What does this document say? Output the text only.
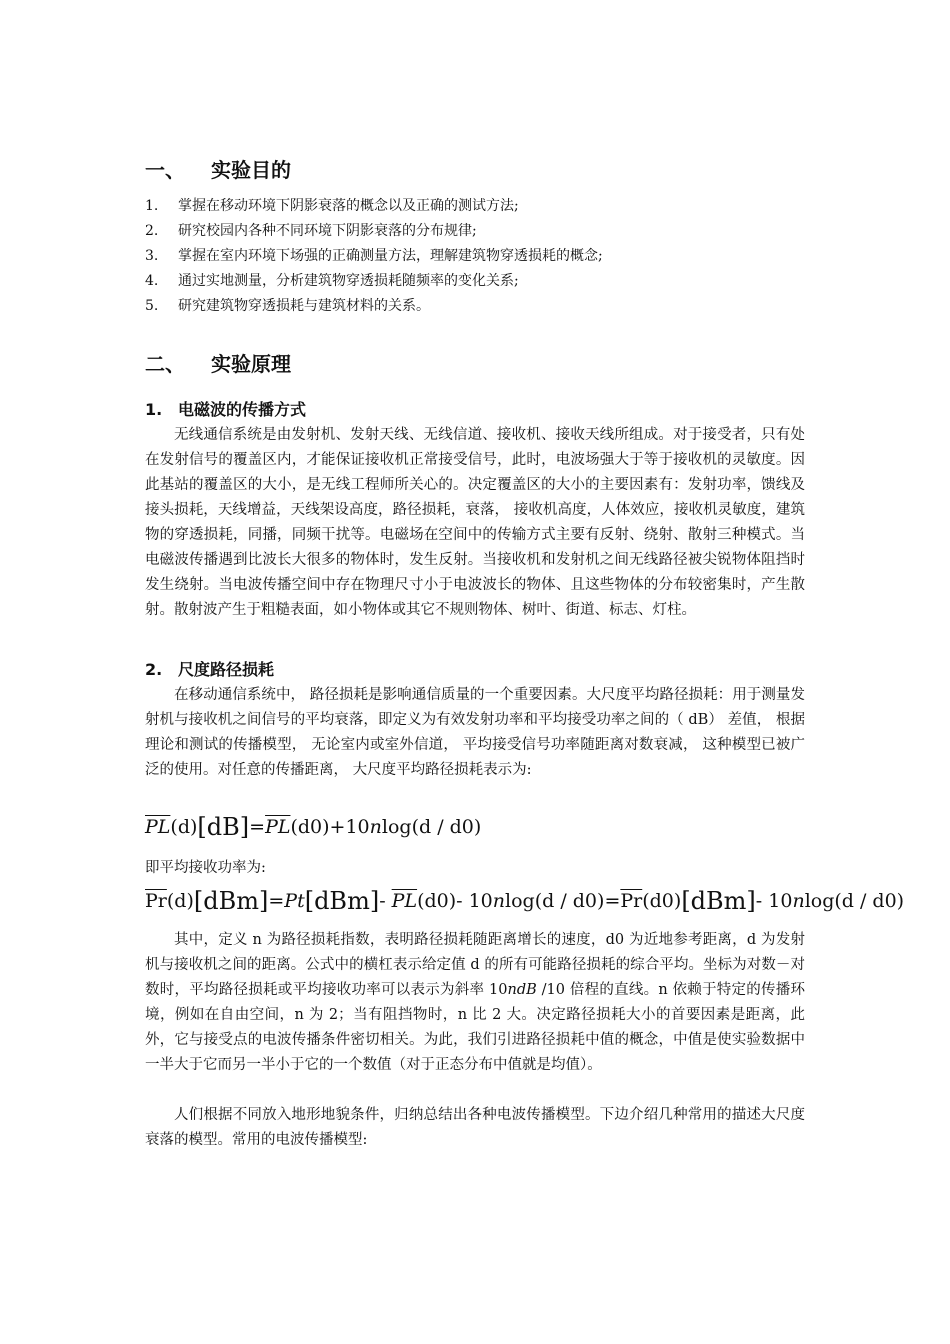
一、 实验目的
1. 掌握在移动环境下阴影衰落的概念以及正确的测试方法;
2. 研究校园内各种不同环境下阴影衰落的分布规律;
3. 掌握在室内环境下场强的正确测量方法，理解建筑物穿透损耗的概念;
4. 通过实地测量，分析建筑物穿透损耗随频率的变化关系;
5. 研究建筑物穿透损耗与建筑材料的关系。
二、 实验原理
1. 电磁波的传播方式

无线通信系统是由发射机、发射天线、无线信道、接收机、接收天线所组成。对于接受者，只有处在发射信号的覆盖区内，才能保证接收机正常接受信号，此时，电波场强大于等于接收机的灵敏度。因此基站的覆盖区的大小，是无线工程师所关心的。决定覆盖区的大小的主要因素有：发射功率，馈线及接头损耗，天线增益，天线架设高度，路径损耗，衰落， 接收机高度，人体效应，接收机灵敏度，建筑物的穿透损耗，同播，同频干扰等。电磁场在空间中的传输方式主要有反射、绕射、散射三种模式。当电磁波传播遇到比波长大很多的物体时，发生反射。当接收机和发射机之间无线路径被尖锐物体阻挡时发生绕射。当电波传播空间中存在物理尺寸小于电波波长的物体、且这些物体的分布较密集时，产生散射。散射波产生于粗糙表面，如小物体或其它不规则物体、树叶、街道、标志、灯柱。

2. 尺度路径损耗

在移动通信系统中， 路径损耗是影响通信质量的一个重要因素。大尺度平均路径损耗：用于测量发射机与接收机之间信号的平均衰落，即定义为有效发射功率和平均接受功率之间的（ dB） 差值， 根据理论和测试的传播模型， 无论室内或室外信道， 平均接受信号功率随距离对数衰减， 这种模型已被广泛的使用。对任意的传播距离， 大尺度平均路径损耗表示为:

$\overline{PL}(d)[dB]=\overline{PL}(d0)+10nlog(d / d0)$

即平均接收功率为:

$\overline{Pr}(d)[dBm]=Pt[dBm]-$ $\overline{PL}(d0)-$ $10nlog(d / d0)=\overline{Pr}(d0)[dBm]-$ 10nlog(d / d0)

其中，定义 n 为路径损耗指数，表明路径损耗随距离增长的速度，d0 为近地参考距离，d 为发射机与接收机之间的距离。公式中的横杠表示给定值 d 的所有可能路径损耗的综合平均。坐标为对数－对数时，平均路径损耗或平均接收功率可以表示为斜率 10ndB /10 倍程的直线。n 依赖于特定的传播环境，例如在自由空间，n 为 2；当有阻挡物时，n 比 2 大。决定路径损耗大小的首要因素是距离，此外，它与接受点的电波传播条件密切相关。为此，我们引进路径损耗中值的概念，中值是使实验数据中一半大于它而另一半小于它的一个数值（对于正态分布中值就是均值）。

人们根据不同放入地形地貌条件，归纳总结出各种电波传播模型。下边介绍几种常用的描述大尺度衰落的模型。常用的电波传播模型:
